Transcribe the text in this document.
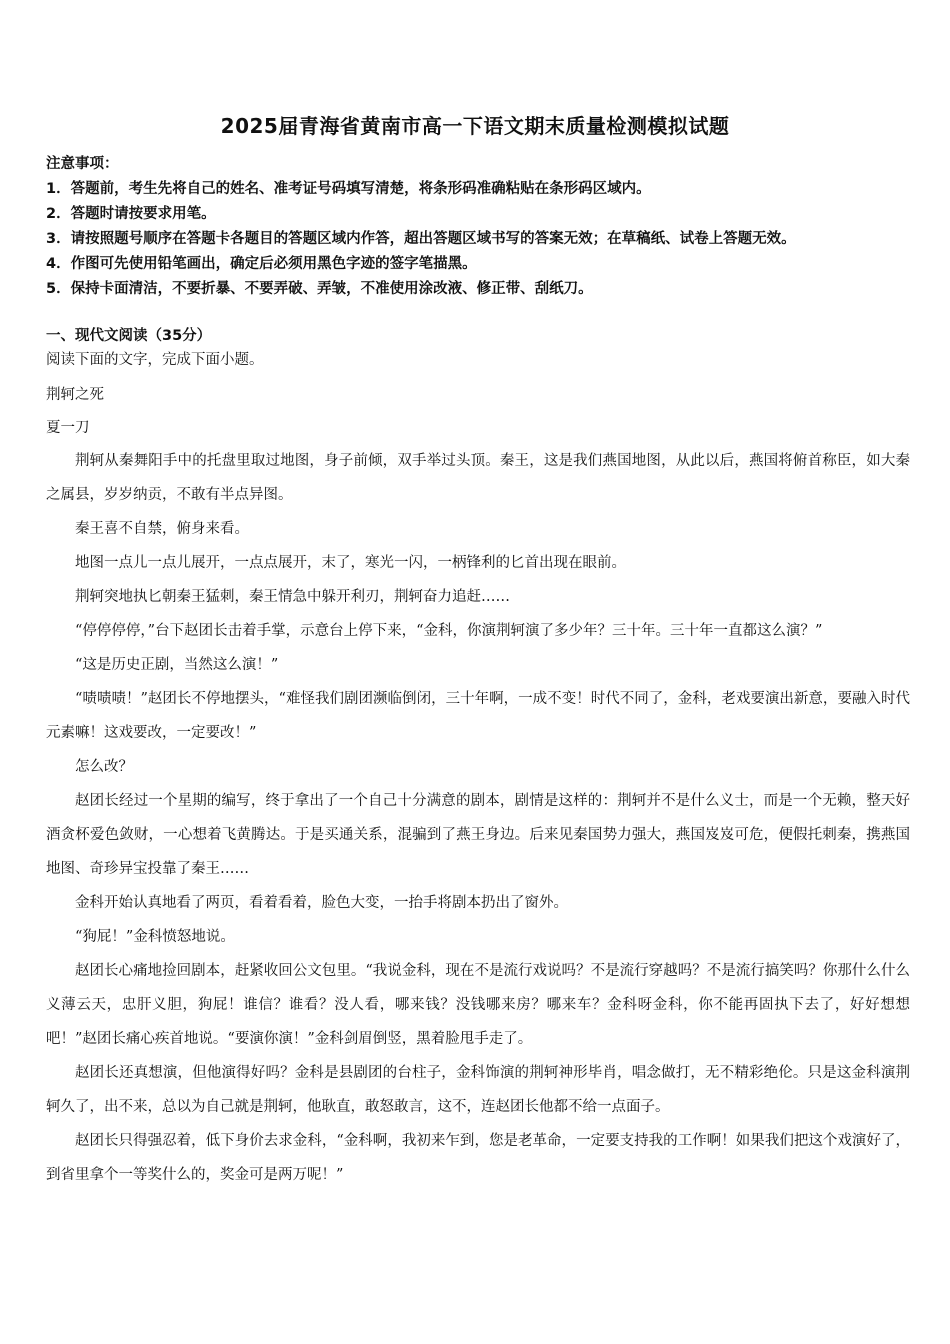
2025届青海省黄南市高一下语文期末质量检测模拟试题
注意事项：
1．答题前，考生先将自己的姓名、准考证号码填写清楚，将条形码准确粘贴在条形码区域内。
2．答题时请按要求用笔。
3．请按照题号顺序在答题卡各题目的答题区域内作答，超出答题区域书写的答案无效；在草稿纸、试卷上答题无效。
4．作图可先使用铅笔画出，确定后必须用黑色字迹的签字笔描黑。
5．保持卡面清洁，不要折暴、不要弄破、弄皱，不准使用涂改液、修正带、刮纸刀。
一、现代文阅读（35分）
阅读下面的文字，完成下面小题。
荆轲之死
夏一刀

荆轲从秦舞阳手中的托盘里取过地图，身子前倾，双手举过头顶。秦王，这是我们燕国地图，从此以后，燕国将俯首称臣，如大秦之属县，岁岁纳贡，不敢有半点异图。

秦王喜不自禁，俯身来看。

地图一点儿一点儿展开，一点点展开，末了，寒光一闪，一柄锋利的匕首出现在眼前。

荆轲突地执匕朝秦王猛刺，秦王情急中躲开利刃，荆轲奋力追赶……

“停停停停，”台下赵团长击着手掌，示意台上停下来，“金科，你演荆轲演了多少年？三十年。三十年一直都这么演？”

“这是历史正剧，当然这么演！”

“啧啧啧！”赵团长不停地摆头，“难怪我们剧团濒临倒闭，三十年啊，一成不变！时代不同了，金科，老戏要演出新意，要融入时代元素嘛！这戏要改，一定要改！”

怎么改？

赵团长经过一个星期的编写，终于拿出了一个自己十分满意的剧本，剧情是这样的：荆轲并不是什么义士，而是一个无赖，整天好酒贪杯爱色敛财，一心想着飞黄腾达。于是买通关系，混骗到了燕王身边。后来见秦国势力强大，燕国岌岌可危，便假托刺秦，携燕国地图、奇珍异宝投靠了秦王……

金科开始认真地看了两页，看着看着，脸色大变，一抬手将剧本扔出了窗外。

“狗屁！”金科愤怒地说。

赵团长心痛地捡回剧本，赶紧收回公文包里。“我说金科，现在不是流行戏说吗？不是流行穿越吗？不是流行搞笑吗？你那什么什么义薄云天，忠肝义胆，狗屁！谁信？谁看？没人看，哪来钱？没钱哪来房？哪来车？金科呀金科，你不能再固执下去了，好好想想吧！”赵团长痛心疾首地说。“要演你演！”金科剑眉倒竖，黑着脸甩手走了。

赵团长还真想演，但他演得好吗？金科是县剧团的台柱子，金科饰演的荆轲神形毕肖，唱念做打，无不精彩绝伦。只是这金科演荆轲久了，出不来，总以为自己就是荆轲，他耿直，敢怒敢言，这不，连赵团长他都不给一点面子。

赵团长只得强忍着，低下身价去求金科，“金科啊，我初来乍到，您是老革命，一定要支持我的工作啊！如果我们把这个戏演好了，到省里拿个一等奖什么的，奖金可是两万呢！”
